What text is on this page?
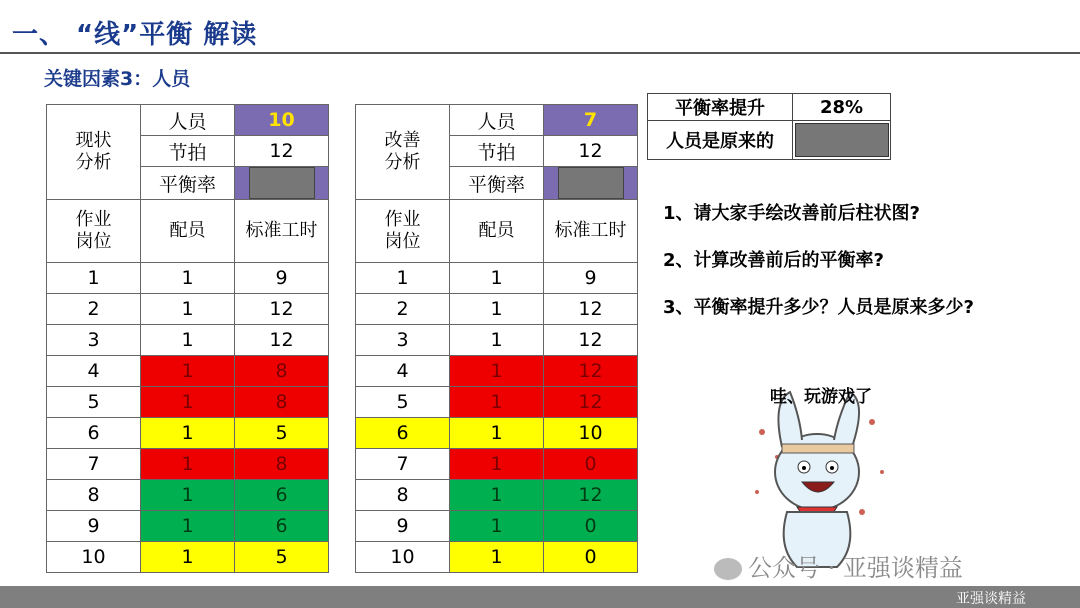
一、 “线”平衡 解读
关键因素3：人员
现状
分析	人员	10
	节拍	12
	平衡率	
作业
岗位	配员	标准工时
1	1	9
2	1	12
3	1	12
4	1	8
5	1	8
6	1	5
7	1	8
8	1	6
9	1	6
10	1	5
改善
分析	人员	7
	节拍	12
	平衡率	
作业
岗位	配员	标准工时
1	1	9
2	1	12
3	1	12
4	1	12
5	1	12
6	1	10
7	1	0
8	1	12
9	1	0
10	1	0
平衡率提升	28%
人员是原来的	
1、请大家手绘改善前后柱状图?
2、计算改善前后的平衡率?
3、平衡率提升多少？人员是原来多少?
哇、玩游戏了
公众号 · 亚强谈精益
亚强谈精益
